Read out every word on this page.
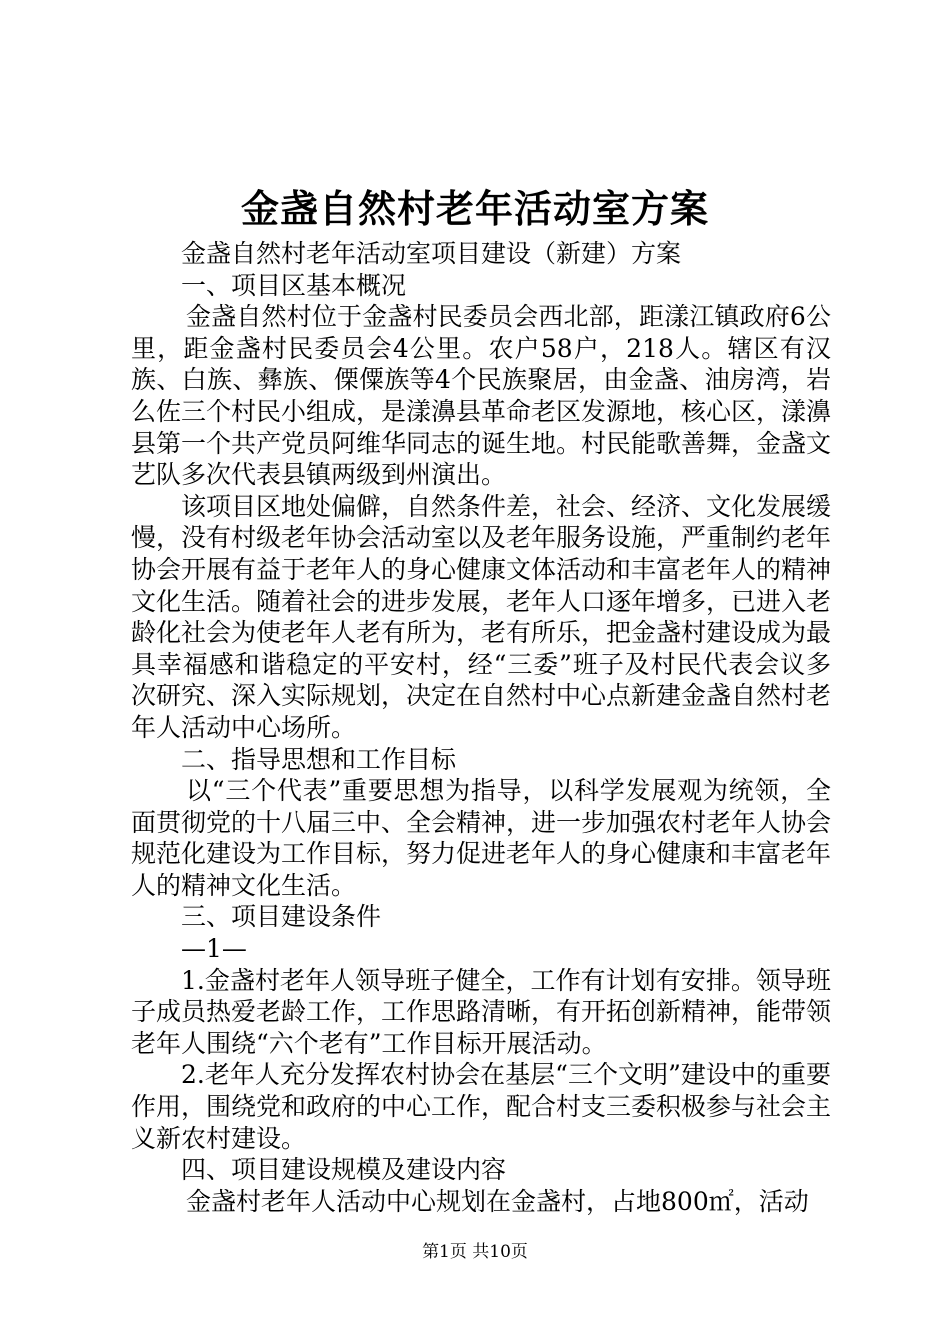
金盏自然村老年活动室方案

金盏自然村老年活动室项目建设（新建）方案

一、项目区基本概况

金盏自然村位于金盏村民委员会西北部，距漾江镇政府6公里，距金盏村民委员会4公里。农户58户，218人。辖区有汉族、白族、彝族、傈僳族等4个民族聚居，由金盏、油房湾，岩么佐三个村民小组成，是漾濞县革命老区发源地，核心区，漾濞县第一个共产党员阿维华同志的诞生地。村民能歌善舞，金盏文艺队多次代表县镇两级到州演出。

该项目区地处偏僻，自然条件差，社会、经济、文化发展缓慢，没有村级老年协会活动室以及老年服务设施，严重制约老年协会开展有益于老年人的身心健康文体活动和丰富老年人的精神文化生活。随着社会的进步发展，老年人口逐年增多，已进入老龄化社会为使老年人老有所为，老有所乐，把金盏村建设成为最具幸福感和谐稳定的平安村，经“三委”班子及村民代表会议多次研究、深入实际规划，决定在自然村中心点新建金盏自然村老年人活动中心场所。

二、指导思想和工作目标

以“三个代表”重要思想为指导，以科学发展观为统领，全面贯彻党的十八届三中、全会精神，进一步加强农村老年人协会规范化建设为工作目标，努力促进老年人的身心健康和丰富老年人的精神文化生活。

三、项目建设条件

—1—

1.金盏村老年人领导班子健全，工作有计划有安排。领导班子成员热爱老龄工作，工作思路清晰，有开拓创新精神，能带领老年人围绕“六个老有”工作目标开展活动。

2.老年人充分发挥农村协会在基层“三个文明”建设中的重要作用，围绕党和政府的中心工作，配合村支三委积极参与社会主义新农村建设。

四、项目建设规模及建设内容

金盏村老年人活动中心规划在金盏村，占地800㎡，活动

第1页 共10页
